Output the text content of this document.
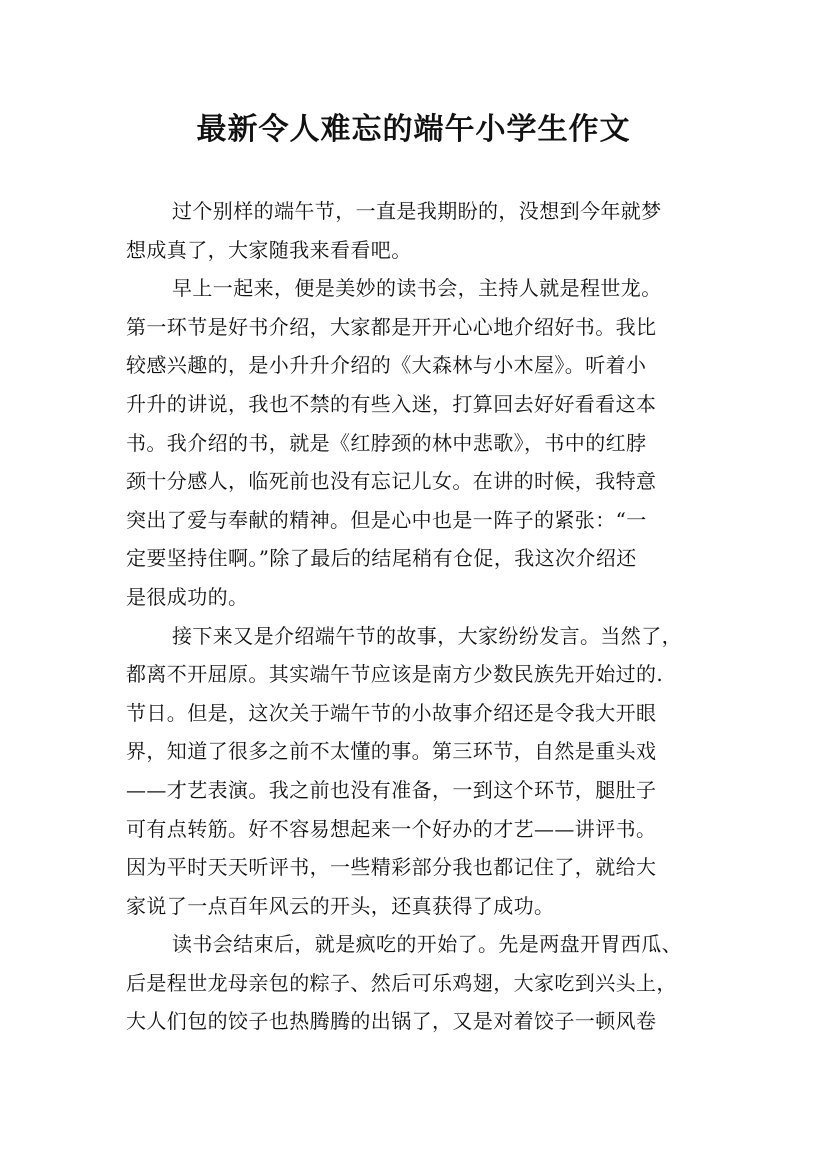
最新令人难忘的端午小学生作文
过个别样的端午节，一直是我期盼的，没想到今年就梦
想成真了，大家随我来看看吧。
早上一起来，便是美妙的读书会，主持人就是程世龙。
第一环节是好书介绍，大家都是开开心心地介绍好书。我比
较感兴趣的，是小升升介绍的《大森林与小木屋》。听着小
升升的讲说，我也不禁的有些入迷，打算回去好好看看这本
书。我介绍的书，就是《红脖颈的林中悲歌》，书中的红脖
颈十分感人，临死前也没有忘记儿女。在讲的时候，我特意
突出了爱与奉献的精神。但是心中也是一阵子的紧张：“一
定要坚持住啊。”除了最后的结尾稍有仓促，我这次介绍还
是很成功的。
接下来又是介绍端午节的故事，大家纷纷发言。当然了，
都离不开屈原。其实端午节应该是南方少数民族先开始过的.
节日。但是，这次关于端午节的小故事介绍还是令我大开眼
界，知道了很多之前不太懂的事。第三环节，自然是重头戏
——才艺表演。我之前也没有准备，一到这个环节，腿肚子
可有点转筋。好不容易想起来一个好办的才艺——讲评书。
因为平时天天听评书，一些精彩部分我也都记住了，就给大
家说了一点百年风云的开头，还真获得了成功。
读书会结束后，就是疯吃的开始了。先是两盘开胃西瓜、
后是程世龙母亲包的粽子、然后可乐鸡翅，大家吃到兴头上，
大人们包的饺子也热腾腾的出锅了，又是对着饺子一顿风卷
